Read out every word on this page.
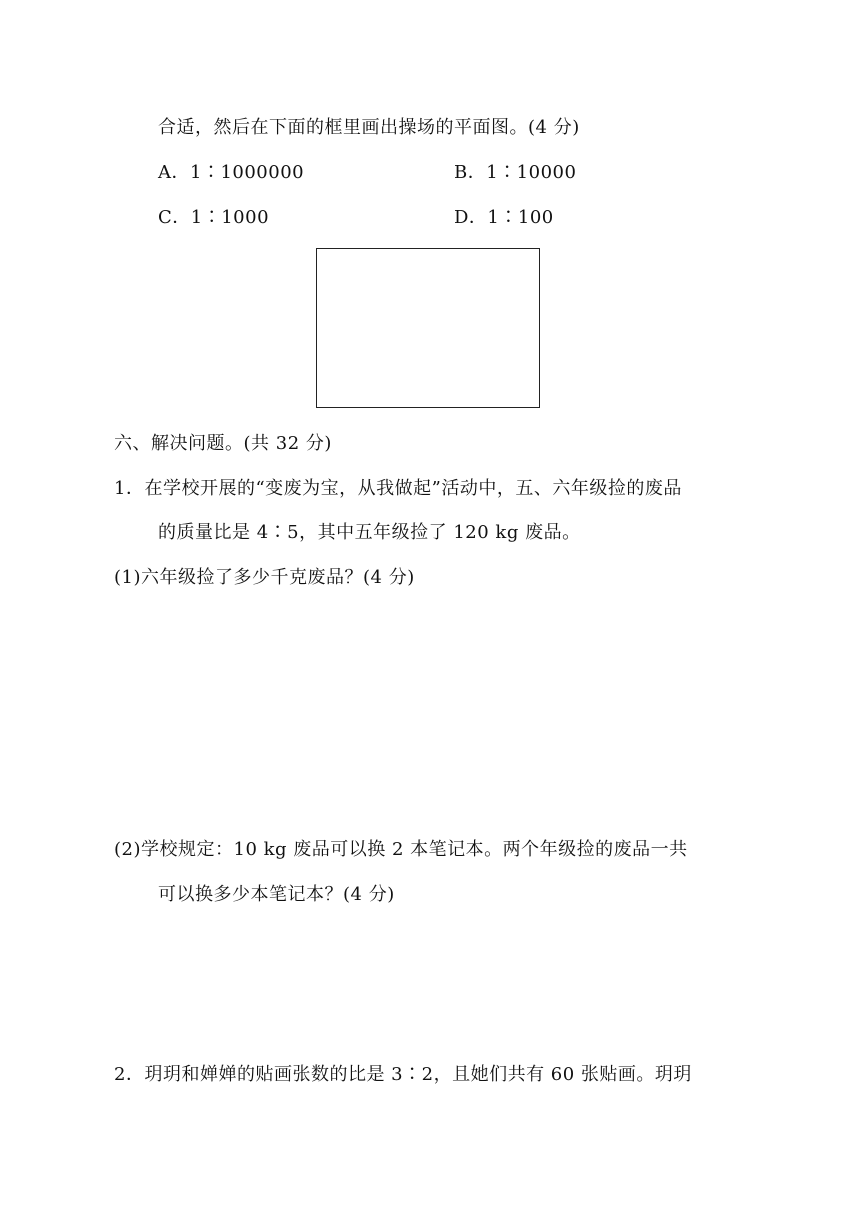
合适，然后在下面的框里画出操场的平面图。(4 分)
A．1∶1000000	B．1∶10000
C．1∶1000	D．1∶100
六、解决问题。(共 32 分)
1．在学校开展的“变废为宝，从我做起”活动中，五、六年级捡的废品
的质量比是 4∶5，其中五年级捡了 120 kg 废品。
(1)六年级捡了多少千克废品？(4 分)
(2)学校规定：10 kg 废品可以换 2 本笔记本。两个年级捡的废品一共
可以换多少本笔记本？(4 分)
2．玥玥和婵婵的贴画张数的比是 3∶2，且她们共有 60 张贴画。玥玥
